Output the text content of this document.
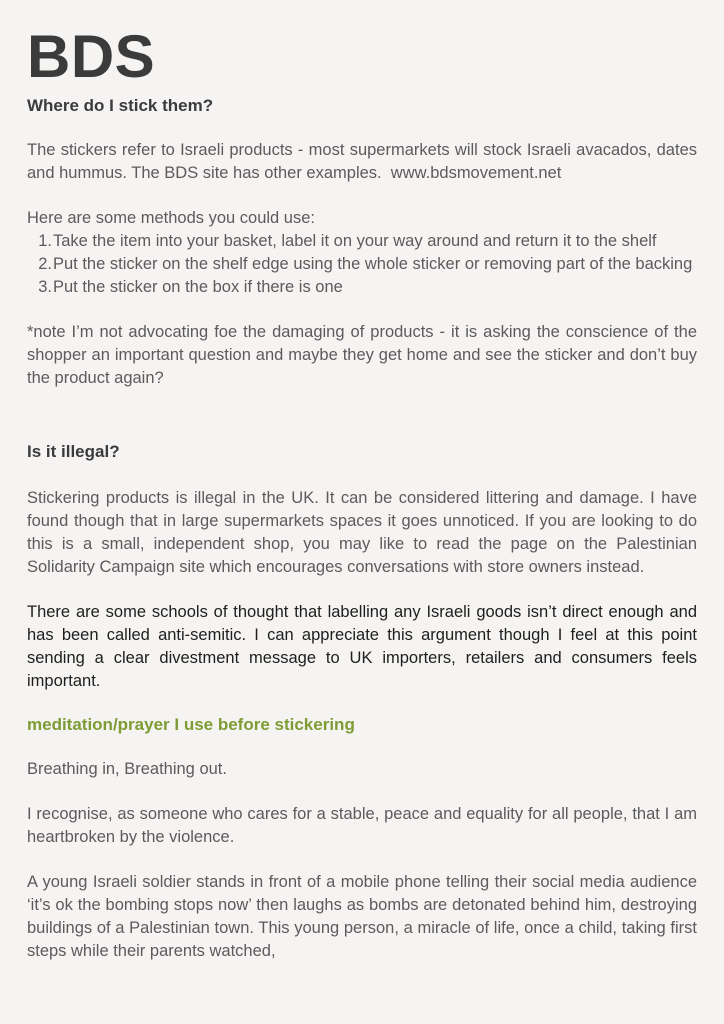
BDS
Where do I stick them?

The stickers refer to Israeli products - most supermarkets will stock Israeli avacados, dates and hummus. The BDS site has other examples.  www.bdsmovement.net

Here are some methods you could use:

1. Take the item into your basket, label it on your way around and return it to the shelf
2. Put the sticker on the shelf edge using the whole sticker or removing part of the backing
3. Put the sticker on the box if there is one

*note I’m not advocating foe the damaging of products - it is asking the conscience of the shopper an important question and maybe they get home and see the sticker and don’t buy the product again?

Is it illegal?

Stickering products is illegal in the UK. It can be considered littering and damage. I have found though that in large supermarkets spaces it goes unnoticed. If you are looking to do this is a small, independent shop, you may like to read the page on the Palestinian Solidarity Campaign site which encourages conversations with store owners instead.

There are some schools of thought that labelling any Israeli goods isn’t direct enough and has been called anti-semitic. I can appreciate this argument though I feel at this point sending a clear divestment message to UK importers, retailers and consumers feels important.

meditation/prayer I use before stickering

Breathing in, Breathing out.

I recognise, as someone who cares for a stable, peace and equality for all people, that I am heartbroken by the violence.

A young Israeli soldier stands in front of a mobile phone telling their social media audience ‘it’s ok the bombing stops now’ then laughs as bombs are detonated behind him, destroying buildings of a Palestinian town. This young person, a miracle of life, once a child, taking first steps while their parents watched,
